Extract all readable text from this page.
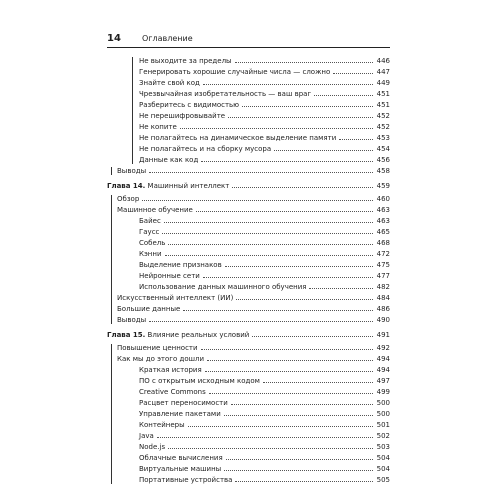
14	Оглавление
Не выходите за пределы	446
Генерировать хорошие случайные числа — сложно	447
Знайте свой код	449
Чрезвычайная изобретательность — ваш враг	451
Разберитесь с видимостью	451
Не перешифровывайте	452
Не копите	452
Не полагайтесь на динамическое выделение памяти	453
Не полагайтесь и на сборку мусора	454
Данные как код	456
Выводы	458
Глава 14. Машинный интеллект	459
Обзор	460
Машинное обучение	463
Байес	463
Гаусс	465
Собель	468
Кэнни	472
Выделение признаков	475
Нейронные сети	477
Использование данных машинного обучения	482
Искусственный интеллект (ИИ)	484
Большие данные	486
Выводы	490
Глава 15. Влияние реальных условий	491
Повышение ценности	492
Как мы до этого дошли	494
Краткая история	494
ПО с открытым исходным кодом	497
Creative Commons	499
Расцвет переносимости	500
Управление пакетами	500
Контейнеры	501
Java	502
Node.js	503
Облачные вычисления	504
Виртуальные машины	504
Портативные устройства	505
